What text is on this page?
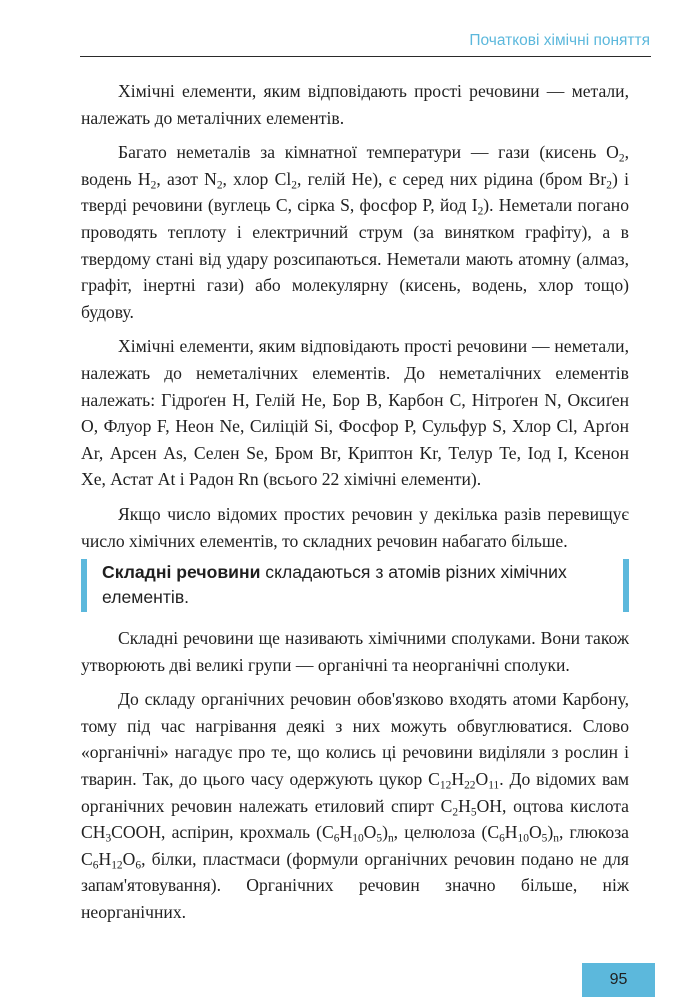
Початкові хімічні поняття

Хімічні елементи, яким відповідають прості речовини — метали, належать до металічних елементів.

Багато неметалів за кімнатної температури — гази (кисень $O_2$, водень $H_2$, азот $N_2$, хлор $Cl_2$, гелій He), є серед них рідина (бром $Br_2$) і тверді речовини (вуглець C, сірка S, фосфор P, йод $I_2$). Неметали погано проводять теплоту і електричний струм (за винятком графіту), а в твердому стані від удару розсипаються. Неметали мають атомну (алмаз, графіт, інертні гази) або молекулярну (кисень, водень, хлор тощо) будову.

Хімічні елементи, яким відповідають прості речовини — неметали, належать до неметалічних елементів. До неметалічних елементів належать: Гідроґен H, Гелій He, Бор B, Карбон C, Нітроґен N, Оксиґен O, Флуор F, Неон Ne, Силіцій Si, Фосфор P, Сульфур S, Хлор Cl, Арґон Ar, Арсен As, Селен Se, Бром Br, Криптон Kr, Телур Te, Іод I, Ксенон Xe, Астат At і Радон Rn (всього 22 хімічні елементи).

Якщо число відомих простих речовин у декілька разів перевищує число хімічних елементів, то складних речовин набагато більше.

Складні речовини складаються з атомів різних хімічних елементів.

Складні речовини ще називають хімічними сполуками. Вони також утворюють дві великі групи — органічні та неорганічні сполуки.

До складу органічних речовин обов'язково входять атоми Карбону, тому під час нагрівання деякі з них можуть обвуглюватися. Слово «органічні» нагадує про те, що колись ці речовини виділяли з рослин і тварин. Так, до цього часу одержують цукор $C_{12}H_{22}O_{11}$. До відомих вам органічних речовин належать етиловий спирт $C_2H_5OH$, оцтова кислота $CH_3COOH$, аспірин, крохмаль $(C_6H_{10}O_5)_n$, целюлоза $(C_6H_{10}O_5)_n$, глюкоза $C_6H_{12}O_6$, білки, пластмаси (формули органічних речовин подано не для запам'ятовування). Органічних речовин значно більше, ніж неорганічних.

95
